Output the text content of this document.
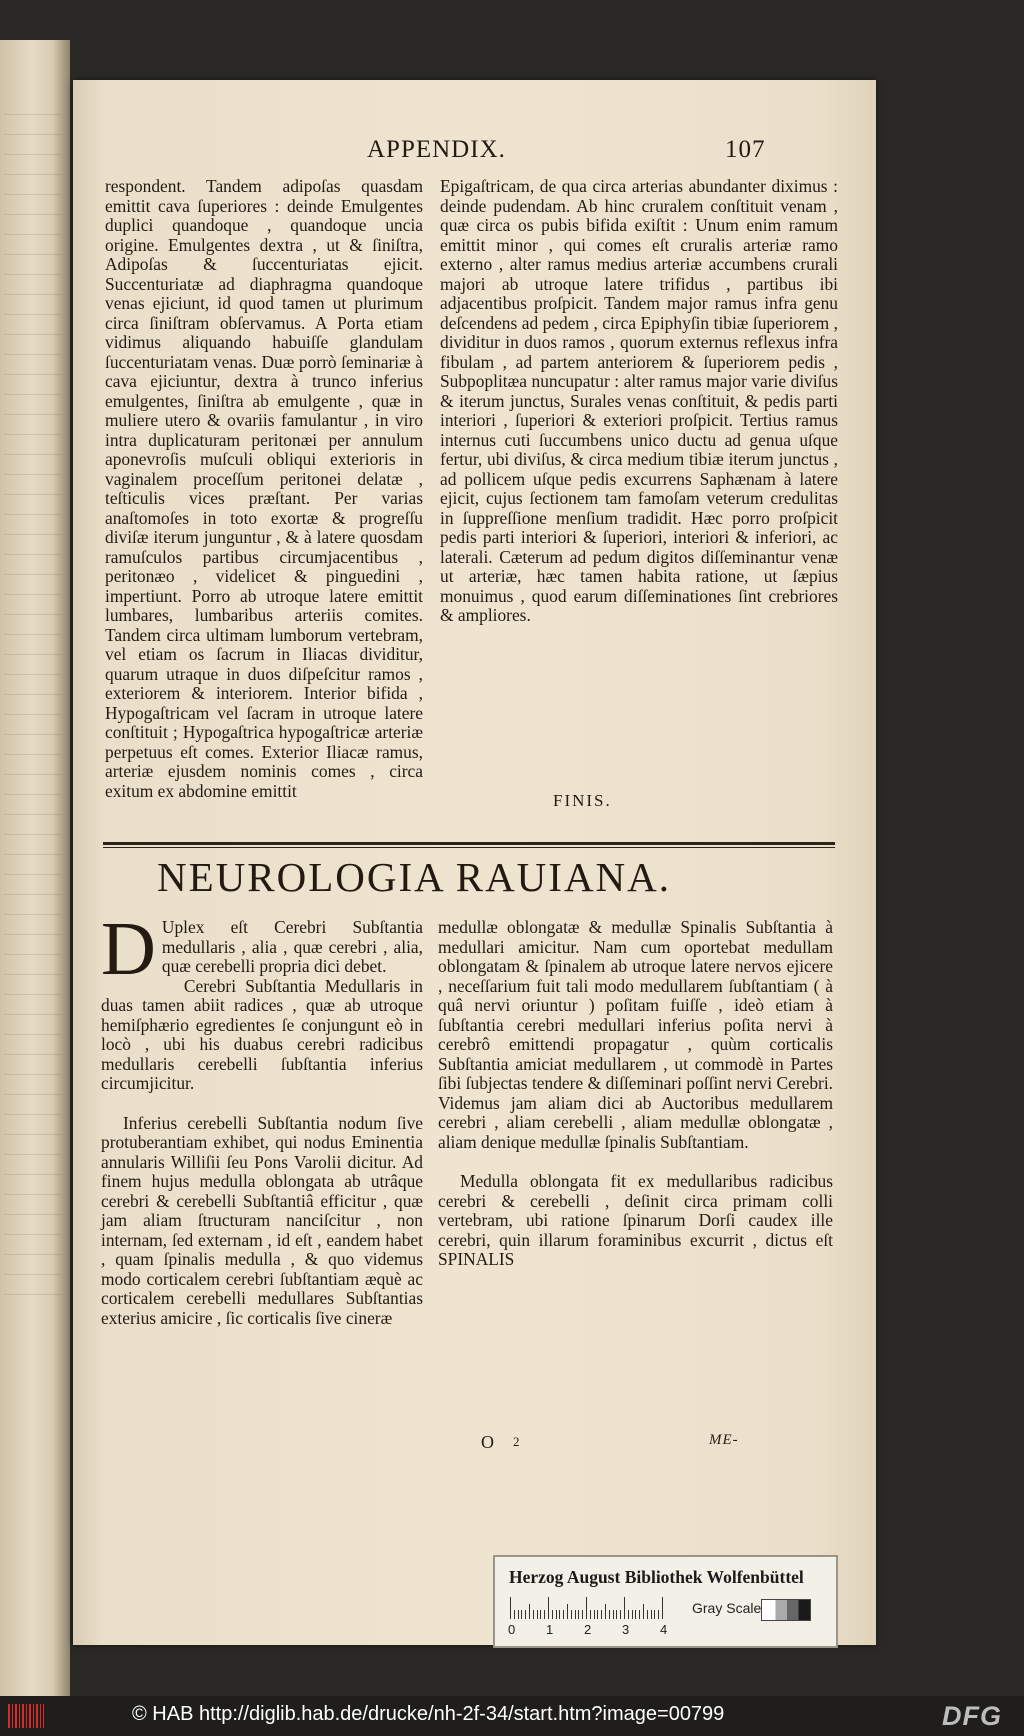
APPENDIX.	107

respondent. Tandem adipoſas quasdam emittit cava ſuperiores : deinde Emulgentes duplici quandoque , quandoque uncia origine. Emulgentes dextra , ut & ſiniſtra, Adipoſas & ſuccenturiatas ejicit. Succenturiatæ ad diaphragma quandoque venas ejiciunt, id quod tamen ut plurimum circa ſiniſtram obſervamus. A Porta etiam vidimus aliquando habuiſſe glandulam ſuccenturiatam venas. Duæ porrò ſeminariæ à cava ejiciuntur, dextra à trunco inferius emulgentes, ſiniſtra ab emulgente , quæ in muliere utero & ovariis famulantur , in viro intra duplicaturam peritonæi per annulum aponevroſis muſculi obliqui exterioris in vaginalem proceſſum peritonei delatæ , teſticulis vices præſtant. Per varias anaſtomoſes in toto exortæ & progreſſu diviſæ iterum junguntur , & à latere quosdam ramuſculos partibus circumjacentibus , peritonæo , videlicet & pinguedini , impertiunt. Porro ab utroque latere emittit lumbares, lumbaribus arteriis comites. Tandem circa ultimam lumborum vertebram, vel etiam os ſacrum in Iliacas dividitur, quarum utraque in duos diſpeſcitur ramos , exteriorem & interiorem. Interior bifida , Hypogaſtricam vel ſacram in utroque latere conſtituit ; Hypogaſtrica hypogaſtricæ arteriæ perpetuus eſt comes. Exterior Iliacæ ramus, arteriæ ejusdem nominis comes , circa exitum ex abdomine emittit

Epigaſtricam, de qua circa arterias abundanter diximus : deinde pudendam. Ab hinc cruralem conſtituit venam , quæ circa os pubis bifida exiſtit : Unum enim ramum emittit minor , qui comes eſt cruralis arteriæ ramo externo , alter ramus medius arteriæ accumbens crurali majori ab utroque latere trifidus , partibus ibi adjacentibus proſpicit. Tandem major ramus infra genu deſcendens ad pedem , circa Epiphyſin tibiæ ſuperiorem , dividitur in duos ramos , quorum externus reflexus infra fibulam , ad partem anteriorem & ſuperiorem pedis , Subpoplitæa nuncupatur : alter ramus major varie diviſus & iterum junctus, Surales venas conſtituit, & pedis parti interiori , ſuperiori & exteriori proſpicit. Tertius ramus internus cuti ſuccumbens unico ductu ad genua uſque fertur, ubi diviſus, & circa medium tibiæ iterum junctus , ad pollicem uſque pedis excurrens Saphænam à latere ejicit, cujus ſectionem tam famoſam veterum credulitas in ſuppreſſione menſium tradidit. Hæc porro proſpicit pedis parti interiori & ſuperiori, interiori & inferiori, ac laterali. Cæterum ad pedum digitos diſſeminantur venæ ut arteriæ, hæc tamen habita ratione, ut ſæpius monuimus , quod earum diſſeminationes ſint crebriores & ampliores.

FINIS.
NEUROLOGIA RAUIANA.
D Uplex eſt Cerebri Subſtantia medullaris , alia , quæ cerebri , alia, quæ cerebelli propria dici debet.

Cerebri Subſtantia Medullaris in duas tamen abiit radices , quæ ab utroque hemiſphærio egredientes ſe conjungunt eò in locò , ubi his duabus cerebri radicibus medullaris cerebelli ſubſtantia inferius circumjicitur.

Inferius cerebelli Subſtantia nodum ſive protuberantiam exhibet, qui nodus Eminentia annularis Williſii ſeu Pons Varolii dicitur. Ad finem hujus medulla oblongata ab utrâque cerebri & cerebelli Subſtantiâ efficitur , quæ jam aliam ſtructuram nanciſcitur , non internam, ſed externam , id eſt , eandem habet , quam ſpinalis medulla , & quo videmus modo corticalem cerebri ſubſtantiam æquè ac corticalem cerebelli medullares Subſtantias exterius amicire , ſic corticalis ſive cineræ

medullæ oblongatæ & medullæ Spinalis Subſtantia à medullari amicitur. Nam cum oportebat medullam oblongatam & ſpinalem ab utroque latere nervos ejicere , neceſſarium fuit tali modo medullarem ſubſtantiam ( à quâ nervi oriuntur ) poſitam fuiſſe , ideò etiam à ſubſtantia cerebri medullari inferius poſita nervi à cerebrô emittendi propagatur , quùm corticalis Subſtantia amiciat medullarem , ut commodè in Partes ſibi ſubjectas tendere & diſſeminari poſſint nervi Cerebri. Videmus jam aliam dici ab Auctoribus medullarem cerebri , aliam cerebelli , aliam medullæ oblongatæ , aliam denique medullæ ſpinalis Subſtantiam.

Medulla oblongata fit ex medullaribus radicibus cerebri & cerebelli , deſinit circa primam colli vertebram, ubi ratione ſpinarum Dorſi caudex ille cerebri, quin illarum foraminibus excurrit , dictus eſt SPINALIS

O 2	ME-
Herzog August Bibliothek Wolfenbüttel
0 1 2 3 4
Gray Scale
© HAB http://diglib.hab.de/drucke/nh-2f-34/start.htm?image=00799	DFG
